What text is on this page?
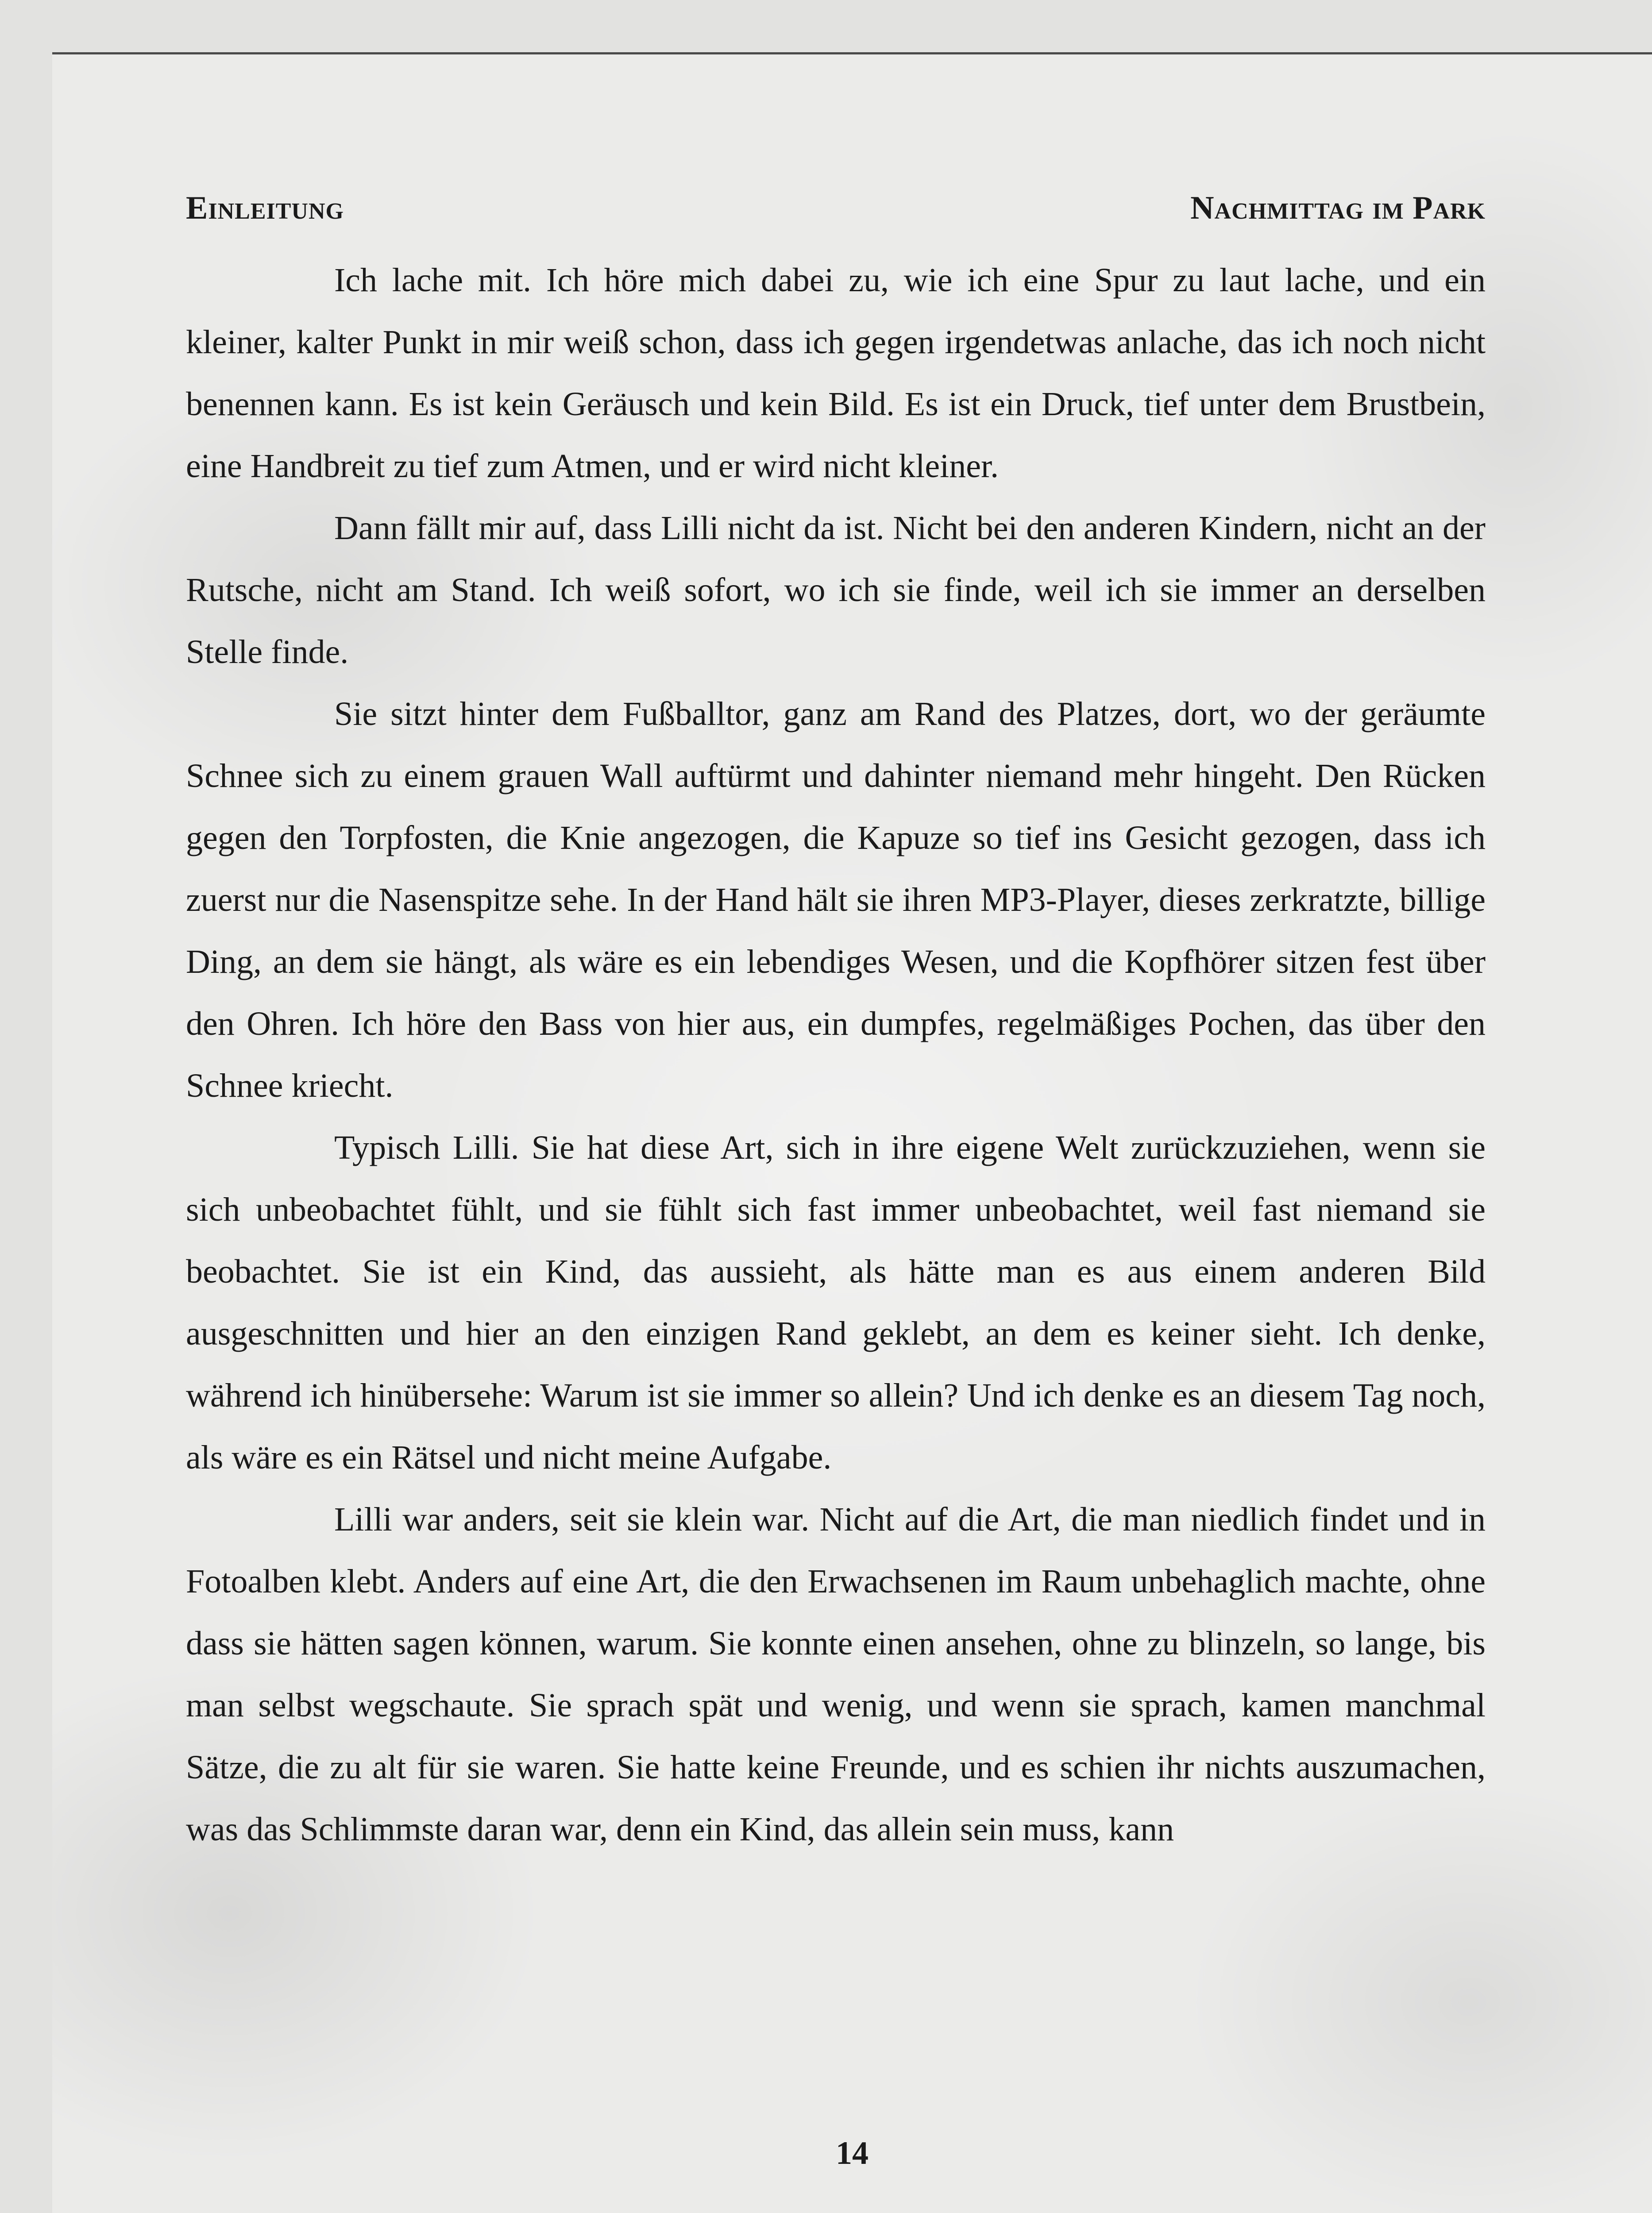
Einleitung	Nachmittag im Park

Ich lache mit. Ich höre mich dabei zu, wie ich eine Spur zu laut lache, und ein kleiner, kalter Punkt in mir weiß schon, dass ich gegen irgendetwas anlache, das ich noch nicht benennen kann. Es ist kein Geräusch und kein Bild. Es ist ein Druck, tief unter dem Brustbein, eine Handbreit zu tief zum Atmen, und er wird nicht kleiner.

Dann fällt mir auf, dass Lilli nicht da ist. Nicht bei den anderen Kindern, nicht an der Rutsche, nicht am Stand. Ich weiß sofort, wo ich sie finde, weil ich sie immer an derselben Stelle finde.

Sie sitzt hinter dem Fußballtor, ganz am Rand des Platzes, dort, wo der geräumte Schnee sich zu einem grauen Wall auftürmt und dahinter niemand mehr hingeht. Den Rücken gegen den Torpfosten, die Knie angezogen, die Kapuze so tief ins Gesicht gezogen, dass ich zuerst nur die Nasenspitze sehe. In der Hand hält sie ihren MP3-Player, dieses zerkratzte, billige Ding, an dem sie hängt, als wäre es ein lebendiges Wesen, und die Kopfhörer sitzen fest über den Ohren. Ich höre den Bass von hier aus, ein dumpfes, regelmäßiges Pochen, das über den Schnee kriecht.

Typisch Lilli. Sie hat diese Art, sich in ihre eigene Welt zurückzuziehen, wenn sie sich unbeobachtet fühlt, und sie fühlt sich fast immer unbeobachtet, weil fast niemand sie beobachtet. Sie ist ein Kind, das aussieht, als hätte man es aus einem anderen Bild ausgeschnitten und hier an den einzigen Rand geklebt, an dem es keiner sieht. Ich denke, während ich hinübersehe: Warum ist sie immer so allein? Und ich denke es an diesem Tag noch, als wäre es ein Rätsel und nicht meine Aufgabe.

Lilli war anders, seit sie klein war. Nicht auf die Art, die man niedlich findet und in Fotoalben klebt. Anders auf eine Art, die den Erwachsenen im Raum unbehaglich machte, ohne dass sie hätten sagen können, warum. Sie konnte einen ansehen, ohne zu blinzeln, so lange, bis man selbst wegschaute. Sie sprach spät und wenig, und wenn sie sprach, kamen manchmal Sätze, die zu alt für sie waren. Sie hatte keine Freunde, und es schien ihr nichts auszumachen, was das Schlimmste daran war, denn ein Kind, das allein sein muss, kann

14
